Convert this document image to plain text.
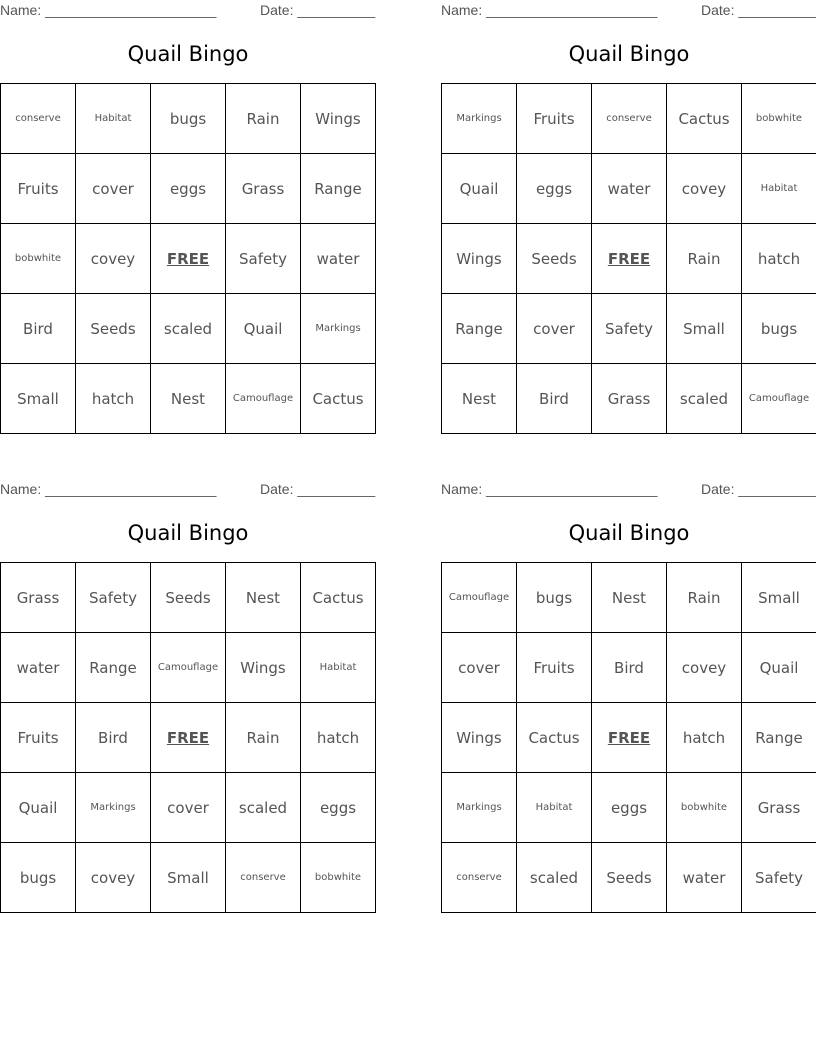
Name: ______________________	Date: __________
Quail Bingo
conserve	Habitat	bugs	Rain	Wings
Fruits	cover	eggs	Grass	Range
bobwhite	covey	FREE	Safety	water
Bird	Seeds	scaled	Quail	Markings
Small	hatch	Nest	Camouflage	Cactus
Name: ______________________	Date: __________
Quail Bingo
Markings	Fruits	conserve	Cactus	bobwhite
Quail	eggs	water	covey	Habitat
Wings	Seeds	FREE	Rain	hatch
Range	cover	Safety	Small	bugs
Nest	Bird	Grass	scaled	Camouflage
Name: ______________________	Date: __________
Quail Bingo
Grass	Safety	Seeds	Nest	Cactus
water	Range	Camouflage	Wings	Habitat
Fruits	Bird	FREE	Rain	hatch
Quail	Markings	cover	scaled	eggs
bugs	covey	Small	conserve	bobwhite
Name: ______________________	Date: __________
Quail Bingo
Camouflage	bugs	Nest	Rain	Small
cover	Fruits	Bird	covey	Quail
Wings	Cactus	FREE	hatch	Range
Markings	Habitat	eggs	bobwhite	Grass
conserve	scaled	Seeds	water	Safety
